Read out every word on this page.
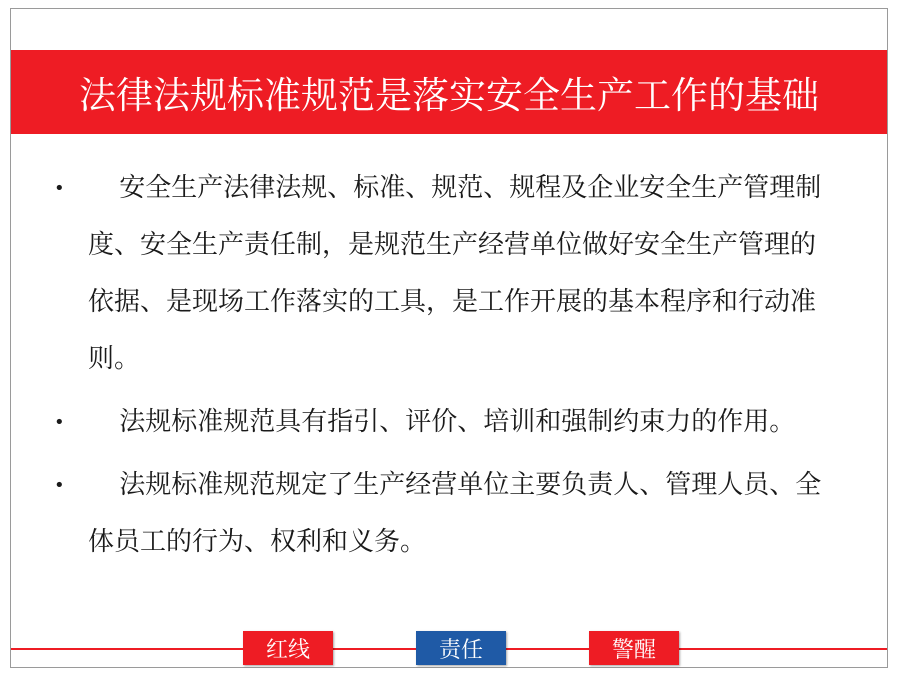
法律法规标准规范是落实安全生产工作的基础

•	安全生产法律法规、标准、规范、规程及企业安全生产管理制度、安全生产责任制，是规范生产经营单位做好安全生产管理的依据、是现场工作落实的工具，是工作开展的基本程序和行动准则。

•	法规标准规范具有指引、评价、培训和强制约束力的作用。

•	法规标准规范规定了生产经营单位主要负责人、管理人员、全体员工的行为、权利和义务。

红线	责任	警醒
